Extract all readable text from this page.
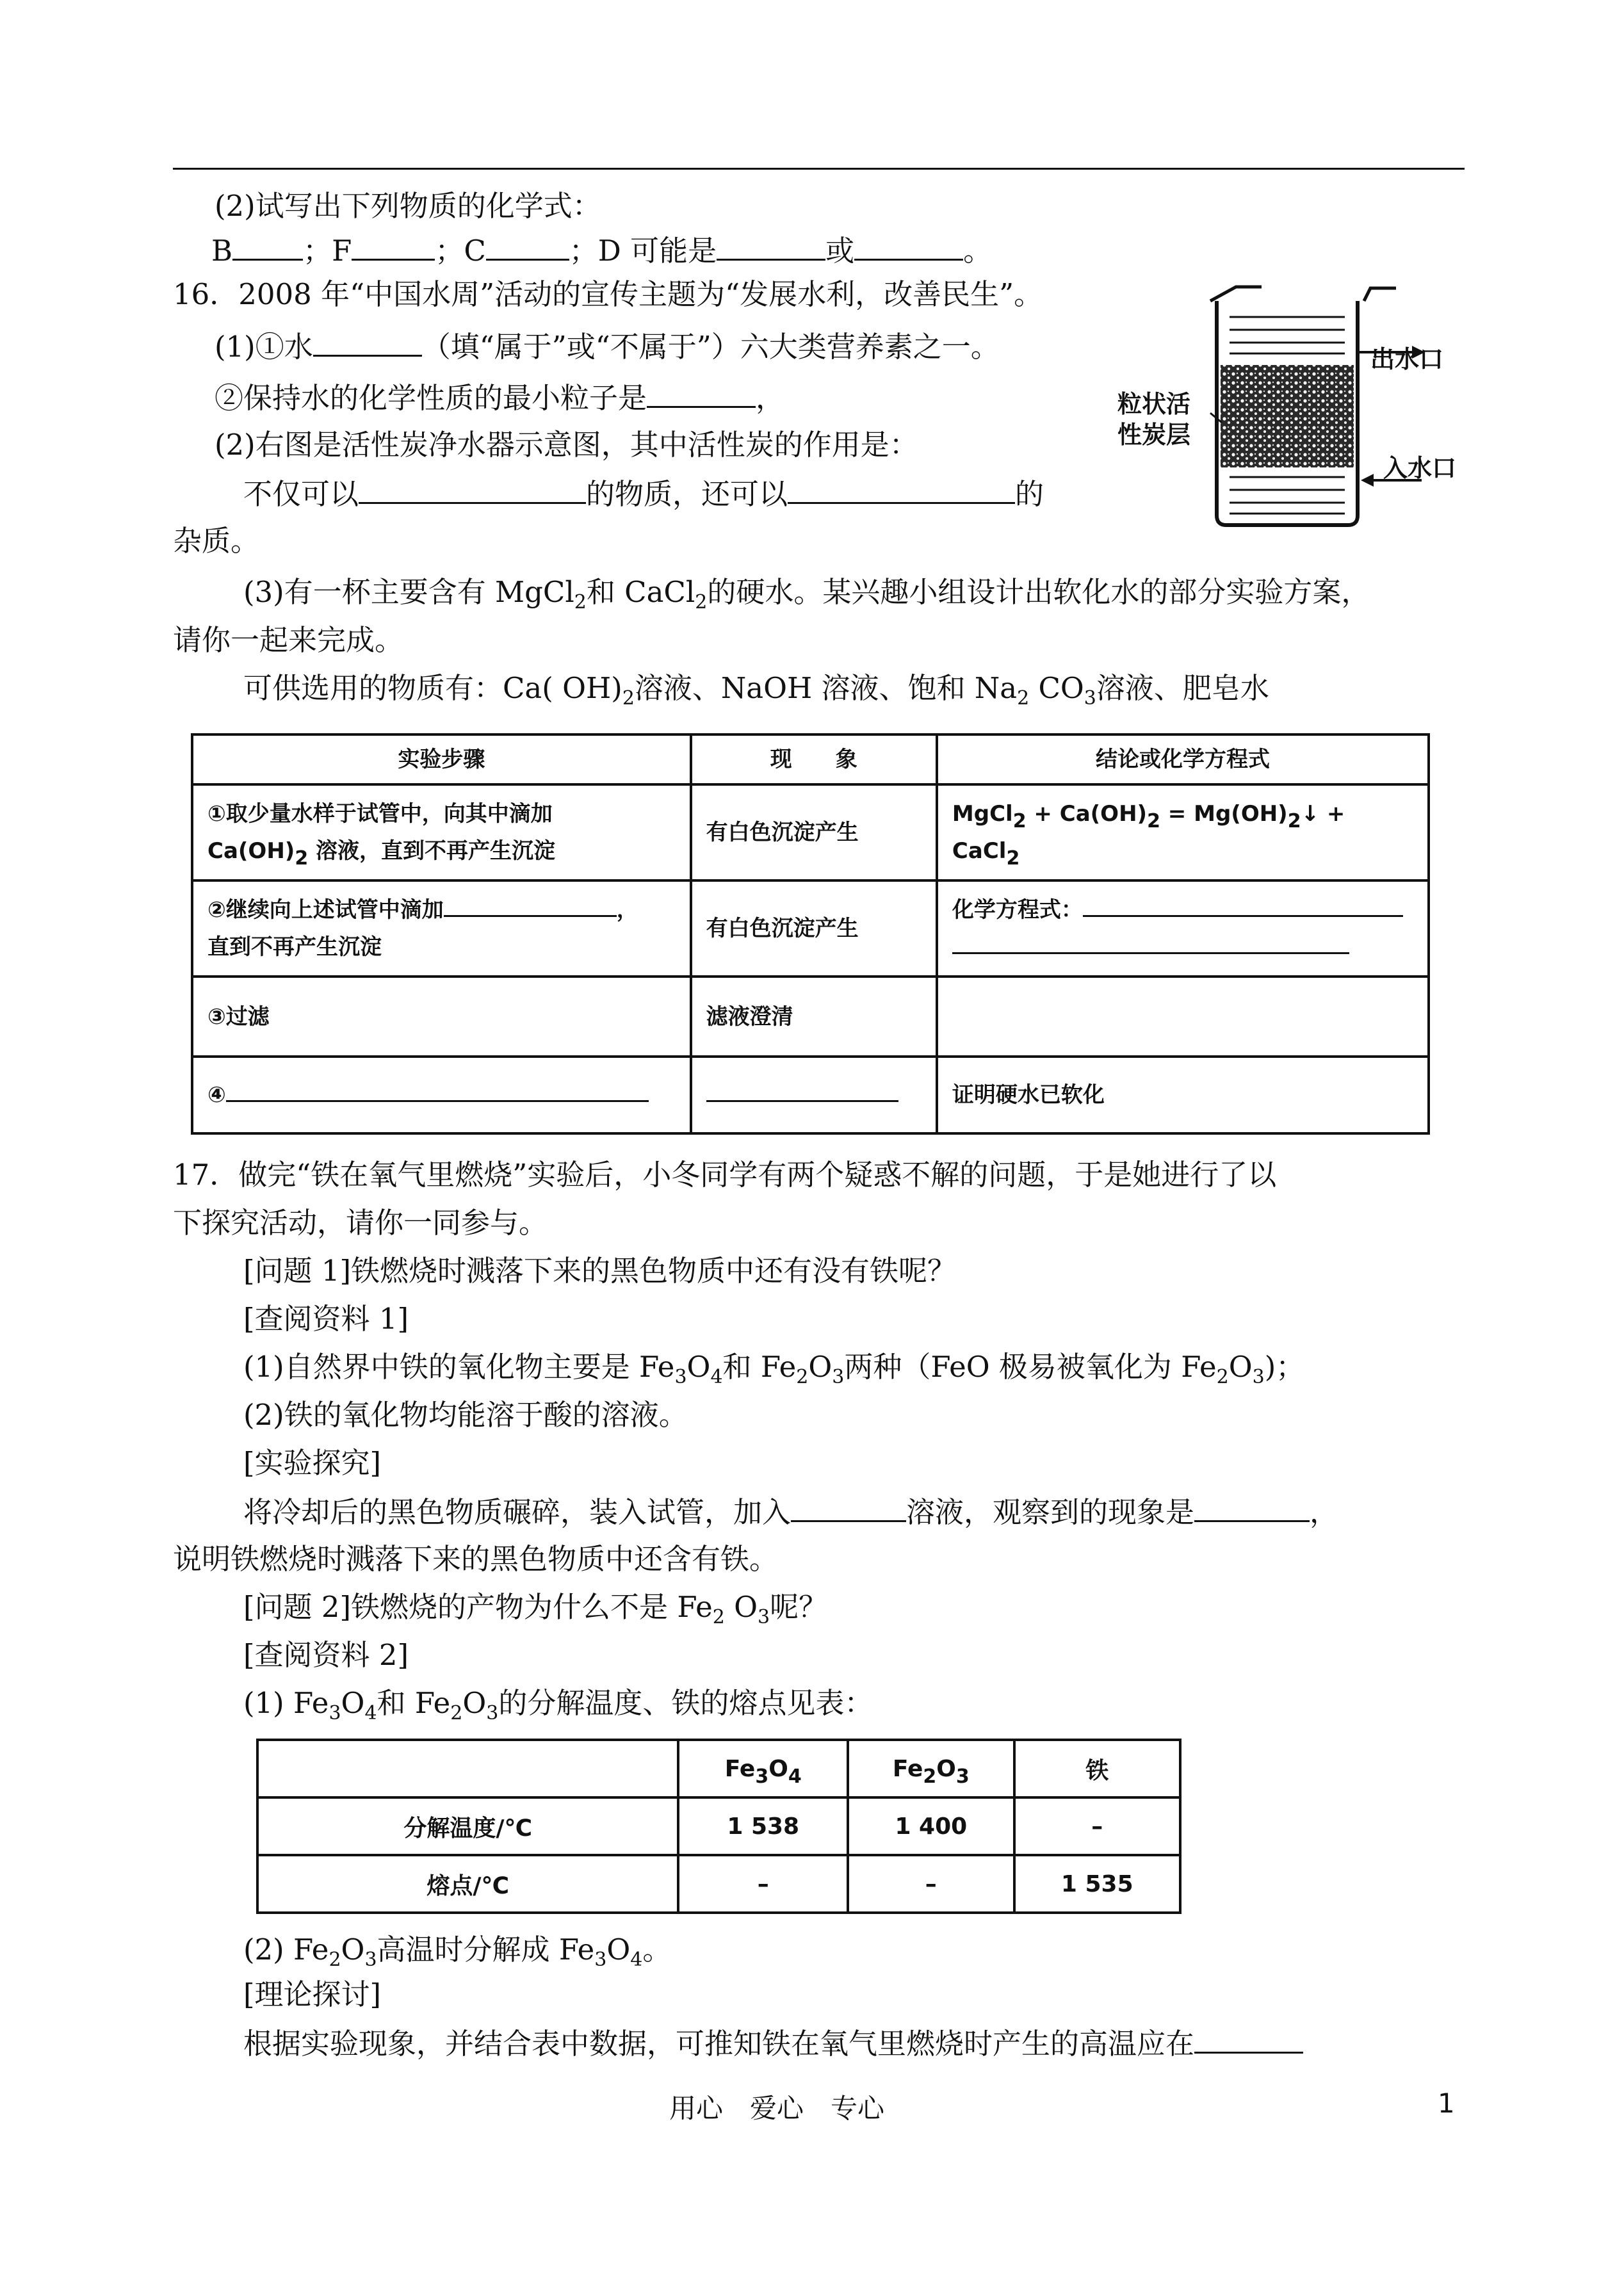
(2)试写出下列物质的化学式：
B ；F	；C	；D 可能是	或	。
16．2008 年“中国水周”活动的宣传主题为“发展水利，改善民生”。
(1)①水	（填“属于”或“不属于”）六大类营养素之一。
②保持水的化学性质的最小粒子是	，
(2)右图是活性炭净水器示意图，其中活性炭的作用是：
不仅可以	的物质，还可以	的
杂质。
粒状活
性炭层
出水口
入水口
(3)有一杯主要含有 MgCl$_2$和 CaCl$_2$的硬水。某兴趣小组设计出软化水的部分实验方案，
请你一起来完成。
可供选用的物质有：Ca( $OH)_2$溶液、NaOH 溶液、饱和 $Na_2$ $CO_3$溶液、肥皂水
实验步骤	现　　象	结论或化学方程式

①取少量水样于试管中，向其中滴加
$Ca(OH)_2$ 溶液，直到不再产生沉淀	有白色沉淀产生	MgCl$_2$ + $Ca(OH)_2$ = $Mg(OH)_2↓$ + CaCl$_2$

②继续向上述试管中滴加 ，
直到不再产生沉淀	有白色沉淀产生	化学方程式：

③过滤	滤液澄清	
④		证明硬水已软化
17．做完“铁在氧气里燃烧”实验后，小冬同学有两个疑惑不解的问题，于是她进行了以
下探究活动，请你一同参与。
[问题 1]铁燃烧时溅落下来的黑色物质中还有没有铁呢？
[查阅资料 1]
(1)自然界中铁的氧化物主要是 $Fe_3O_4$和 $Fe_2O_3$两种（FeO 极易被氧化为 $Fe_2O_3$)；
(2)铁的氧化物均能溶于酸的溶液。
[实验探究]
将冷却后的黑色物质碾碎，装入试管，加入	溶液，观察到的现象是	，
说明铁燃烧时溅落下来的黑色物质中还含有铁。
[问题 2]铁燃烧的产物为什么不是 $Fe_2$ $O_3$呢？
[查阅资料 2]
(1) $Fe_3O_4$和 $Fe_2O_3$的分解温度、铁的熔点见表：
	$Fe_3O_4$	$Fe_2O_3$	铁
分解温度/℃	1 538	1 400	–
熔点/℃	–	–	1 535
(2) $Fe_2O_3$高温时分解成 $Fe_3O_4$。
[理论探讨]
根据实验现象，并结合表中数据，可推知铁在氧气里燃烧时产生的高温应在
用心　爱心　专心	1
